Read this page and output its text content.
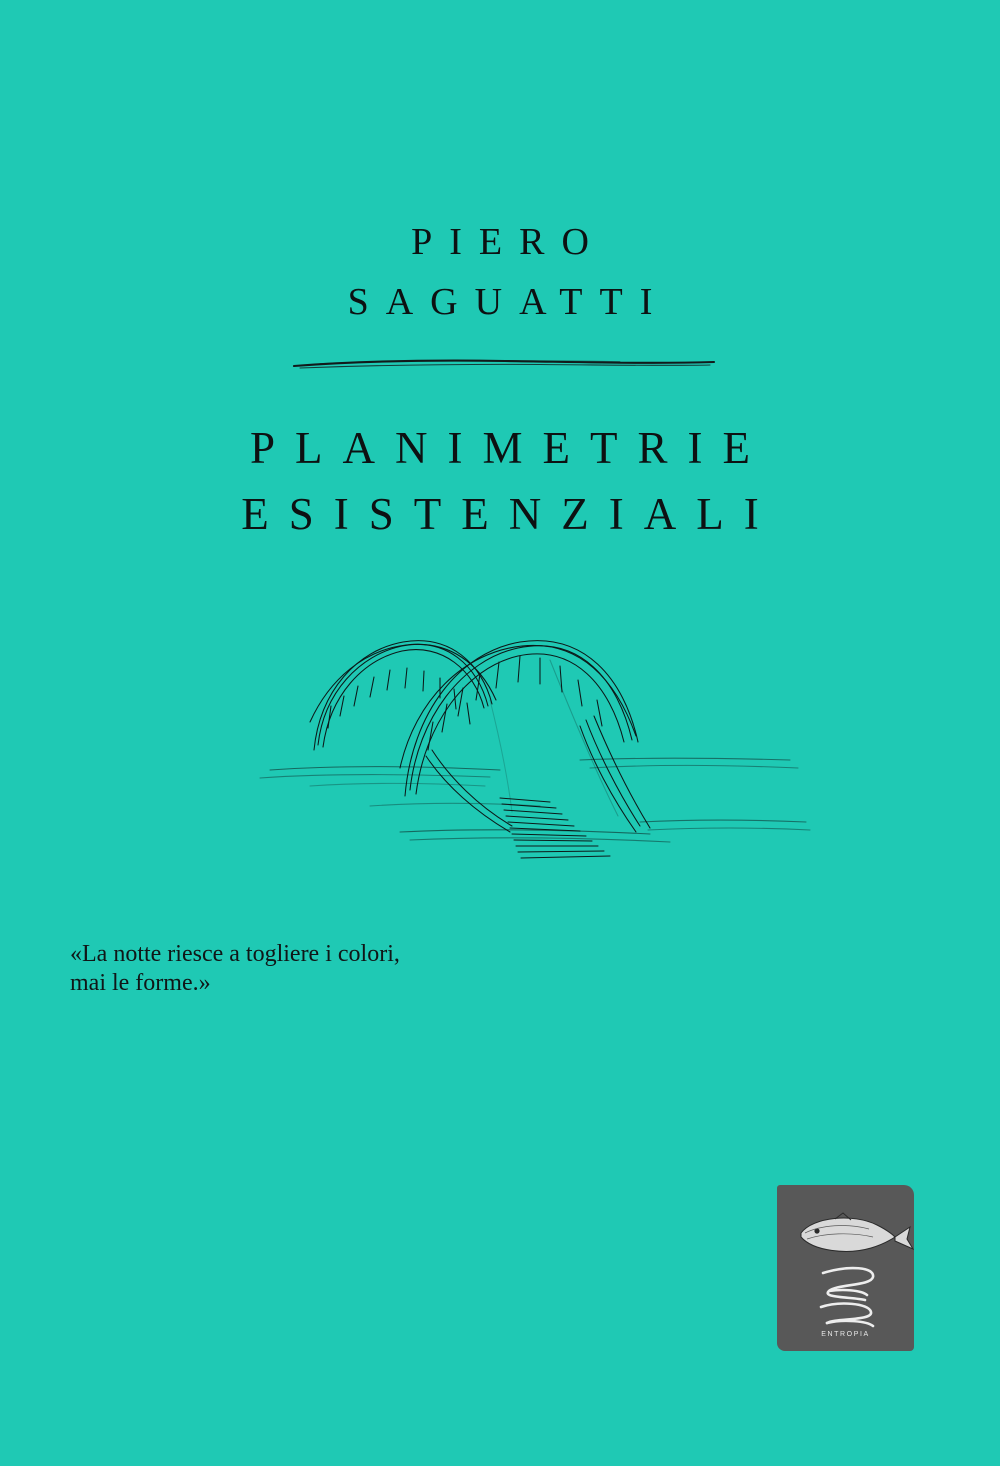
PIERO
SAGUATTI
PLANIMETRIE
ESISTENZIALI
«La notte riesce a togliere i colori,
mai le forme.»
ENTROPIA
